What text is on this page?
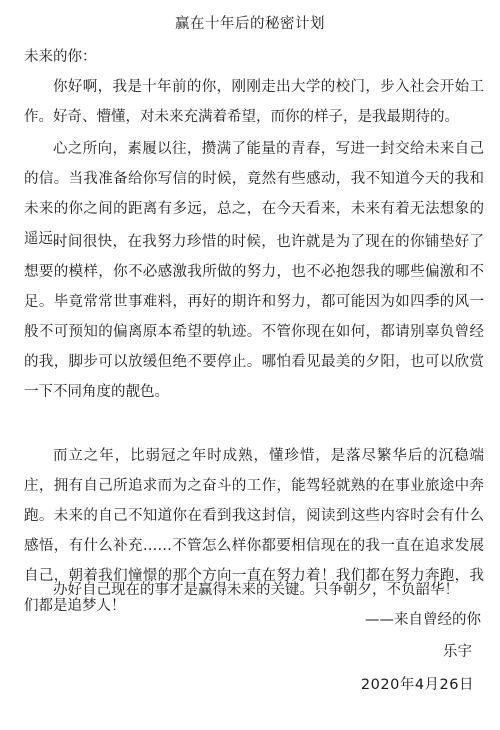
赢在十年后的秘密计划
未来的你：

你好啊，我是十年前的你，刚刚走出大学的校门，步入社会开始工作。好奇、懵懂，对未来充满着希望，而你的样子，是我最期待的。

心之所向，素履以往，攒满了能量的青春，写进一封交给未来自己的信。当我准备给你写信的时候，竟然有些感动，我不知道今天的我和未来的你之间的距离有多远，总之，在今天看来，未来有着无法想象的遥远。

时间很快，在我努力珍惜的时候，也许就是为了现在的你铺垫好了想要的模样，你不必感激我所做的努力，也不必抱怨我的哪些偏激和不足。毕竟常常世事难料，再好的期许和努力，都可能因为如四季的风一般不可预知的偏离原本希望的轨迹。不管你现在如何，都请别辜负曾经的我，脚步可以放缓但绝不要停止。哪怕看见最美的夕阳，也可以欣赏一下不同角度的靓色。

而立之年，比弱冠之年时成熟，懂珍惜，是落尽繁华后的沉稳端庄，拥有自己所追求而为之奋斗的工作，能驾轻就熟的在事业旅途中奔跑。未来的自己不知道你在看到我这封信，阅读到这些内容时会有什么感悟，有什么补充……不管怎么样你都要相信现在的我一直在追求发展自己，朝着我们憧憬的那个方向一直在努力着！我们都在努力奔跑，我们都是追梦人！

办好自己现在的事才是赢得未来的关键。只争朝夕，不负韶华！

——来自曾经的你
乐宇
2020年4月26日
